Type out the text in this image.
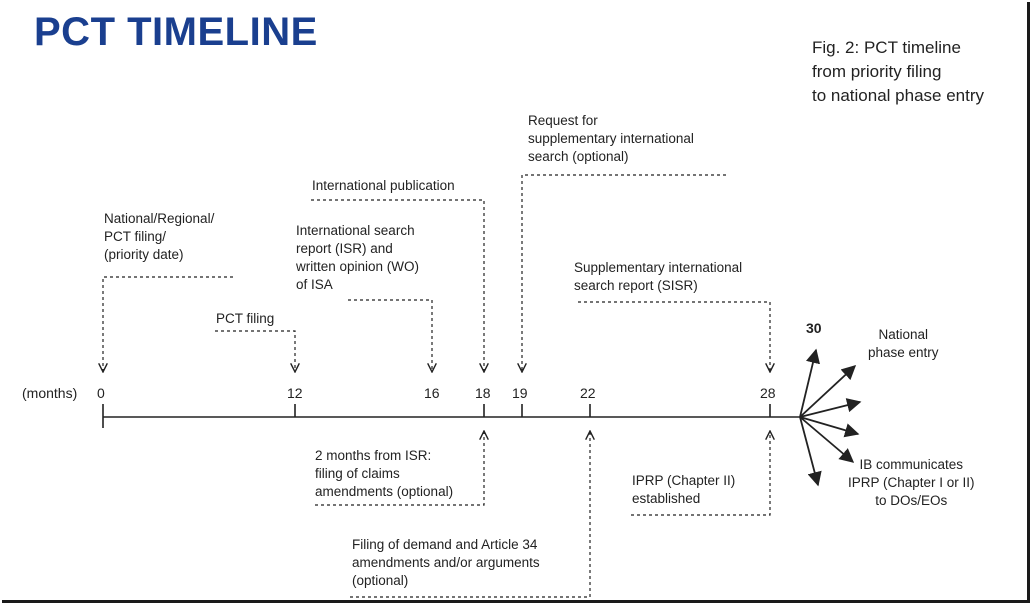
PCT TIMELINE	Fig. 2: PCT timeline
from priority filing
to national phase entry
(months) 0	12	16	18 19	22	28
30
National/Regional/
PCT filing/
(priority date)
PCT filing
International search
report (ISR) and
written opinion (WO)
of ISA
International publication
Request for
supplementary international
search (optional)
Supplementary international
search report (SISR)
National
phase entry
2 months from ISR:
filing of claims
amendments (optional)
Filing of demand and Article 34
amendments and/or arguments
(optional)
IPRP (Chapter II)
established
IB communicates
IPRP (Chapter I or II)
to DOs/EOs
